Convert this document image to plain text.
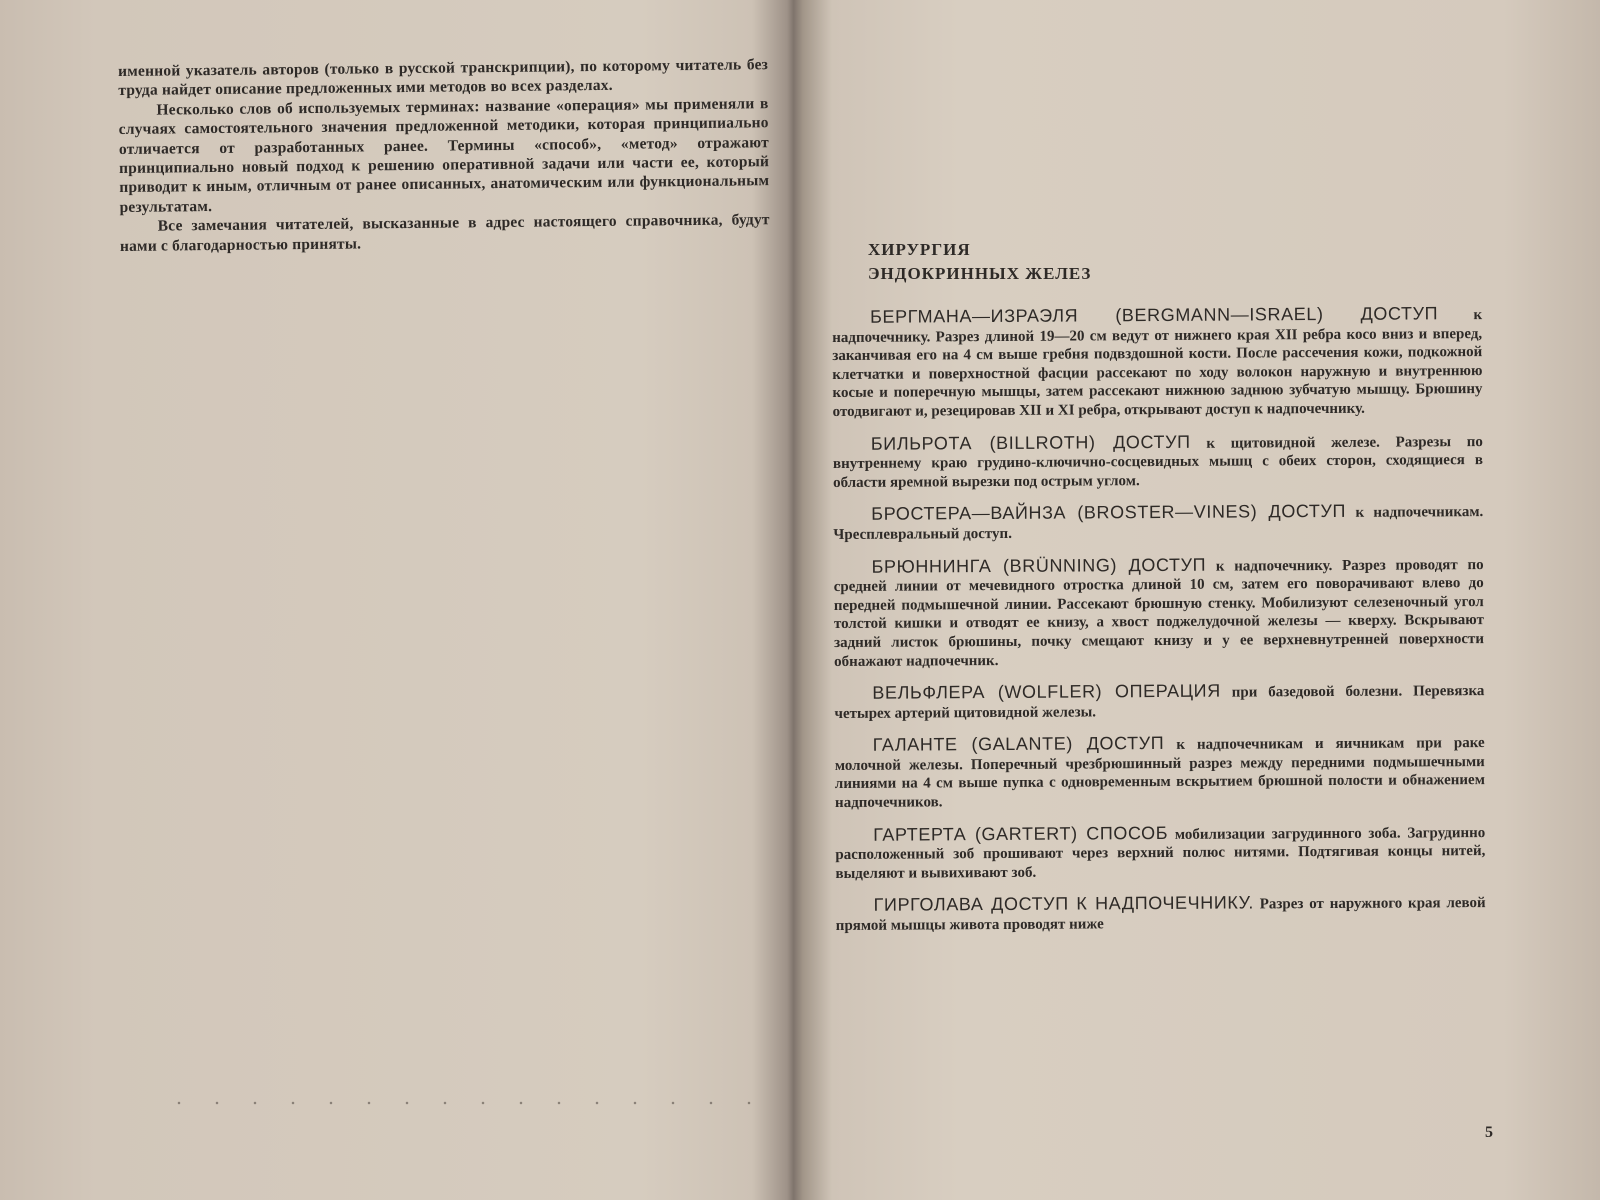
именной указатель авторов (только в русской транскрипции), по которому читатель без труда найдет описание предложенных ими методов во всех разделах.

Несколько слов об используемых терминах: название «операция» мы применяли в случаях самостоятельного значения предложенной методики, которая принципиально отличается от разработанных ранее. Термины «способ», «метод» отражают принципиально новый подход к решению оперативной задачи или части ее, который приводит к иным, отличным от ранее описанных, анатомическим или функциональным результатам.

Все замечания читателей, высказанные в адрес настоящего справочника, будут нами с благодарностью приняты.	ХИРУРГИЯ
ЭНДОКРИННЫХ ЖЕЛЕЗ

БЕРГМАНА—ИЗРАЭЛЯ (BERGMANN—ISRAEL) ДОСТУП к надпочечнику. Разрез длиной 19—20 см ведут от нижнего края XII ребра косо вниз и вперед, заканчивая его на 4 см выше гребня подвздошной кости. После рассечения кожи, подкожной клетчатки и поверхностной фасции рассекают по ходу волокон наружную и внутреннюю косые и поперечную мышцы, затем рассекают нижнюю заднюю зубчатую мышцу. Брюшину отодвигают и, резецировав XII и XI ребра, открывают доступ к надпочечнику.

БИЛЬРОТА (BILLROTH) ДОСТУП к щитовидной железе. Разрезы по внутреннему краю грудино-ключично-сосцевидных мышц с обеих сторон, сходящиеся в области яремной вырезки под острым углом.

БРОСТЕРА—ВАЙНЗА (BROSTER—VINES) ДОСТУП к надпочечникам. Чресплевральный доступ.

БРЮННИНГА (BRÜNNING) ДОСТУП к надпочечнику. Разрез проводят по средней линии от мечевидного отростка длиной 10 см, затем его поворачивают влево до передней подмышечной линии. Рассекают брюшную стенку. Мобилизуют селезеночный угол толстой кишки и отводят ее книзу, а хвост поджелудочной железы — кверху. Вскрывают задний листок брюшины, почку смещают книзу и у ее верхневнутренней поверхности обнажают надпочечник.

ВЕЛЬФЛЕРА (WOLFLER) ОПЕРАЦИЯ при базедовой болезни. Перевязка четырех артерий щитовидной железы.

ГАЛАНТЕ (GALANTE) ДОСТУП к надпочечникам и яичникам при раке молочной железы. Поперечный чрезбрюшинный разрез между передними подмышечными линиями на 4 см выше пупка с одновременным вскрытием брюшной полости и обнажением надпочечников.

ГАРТЕРТА (GARTERT) СПОСОБ мобилизации загрудинного зоба. Загрудинно расположенный зоб прошивают через верхний полюс нитями. Подтягивая концы нитей, выделяют и вывихивают зоб.

ГИРГОЛАВА ДОСТУП К НАДПОЧЕЧНИКУ. Разрез от наружного края левой прямой мышцы живота проводят ниже

5
